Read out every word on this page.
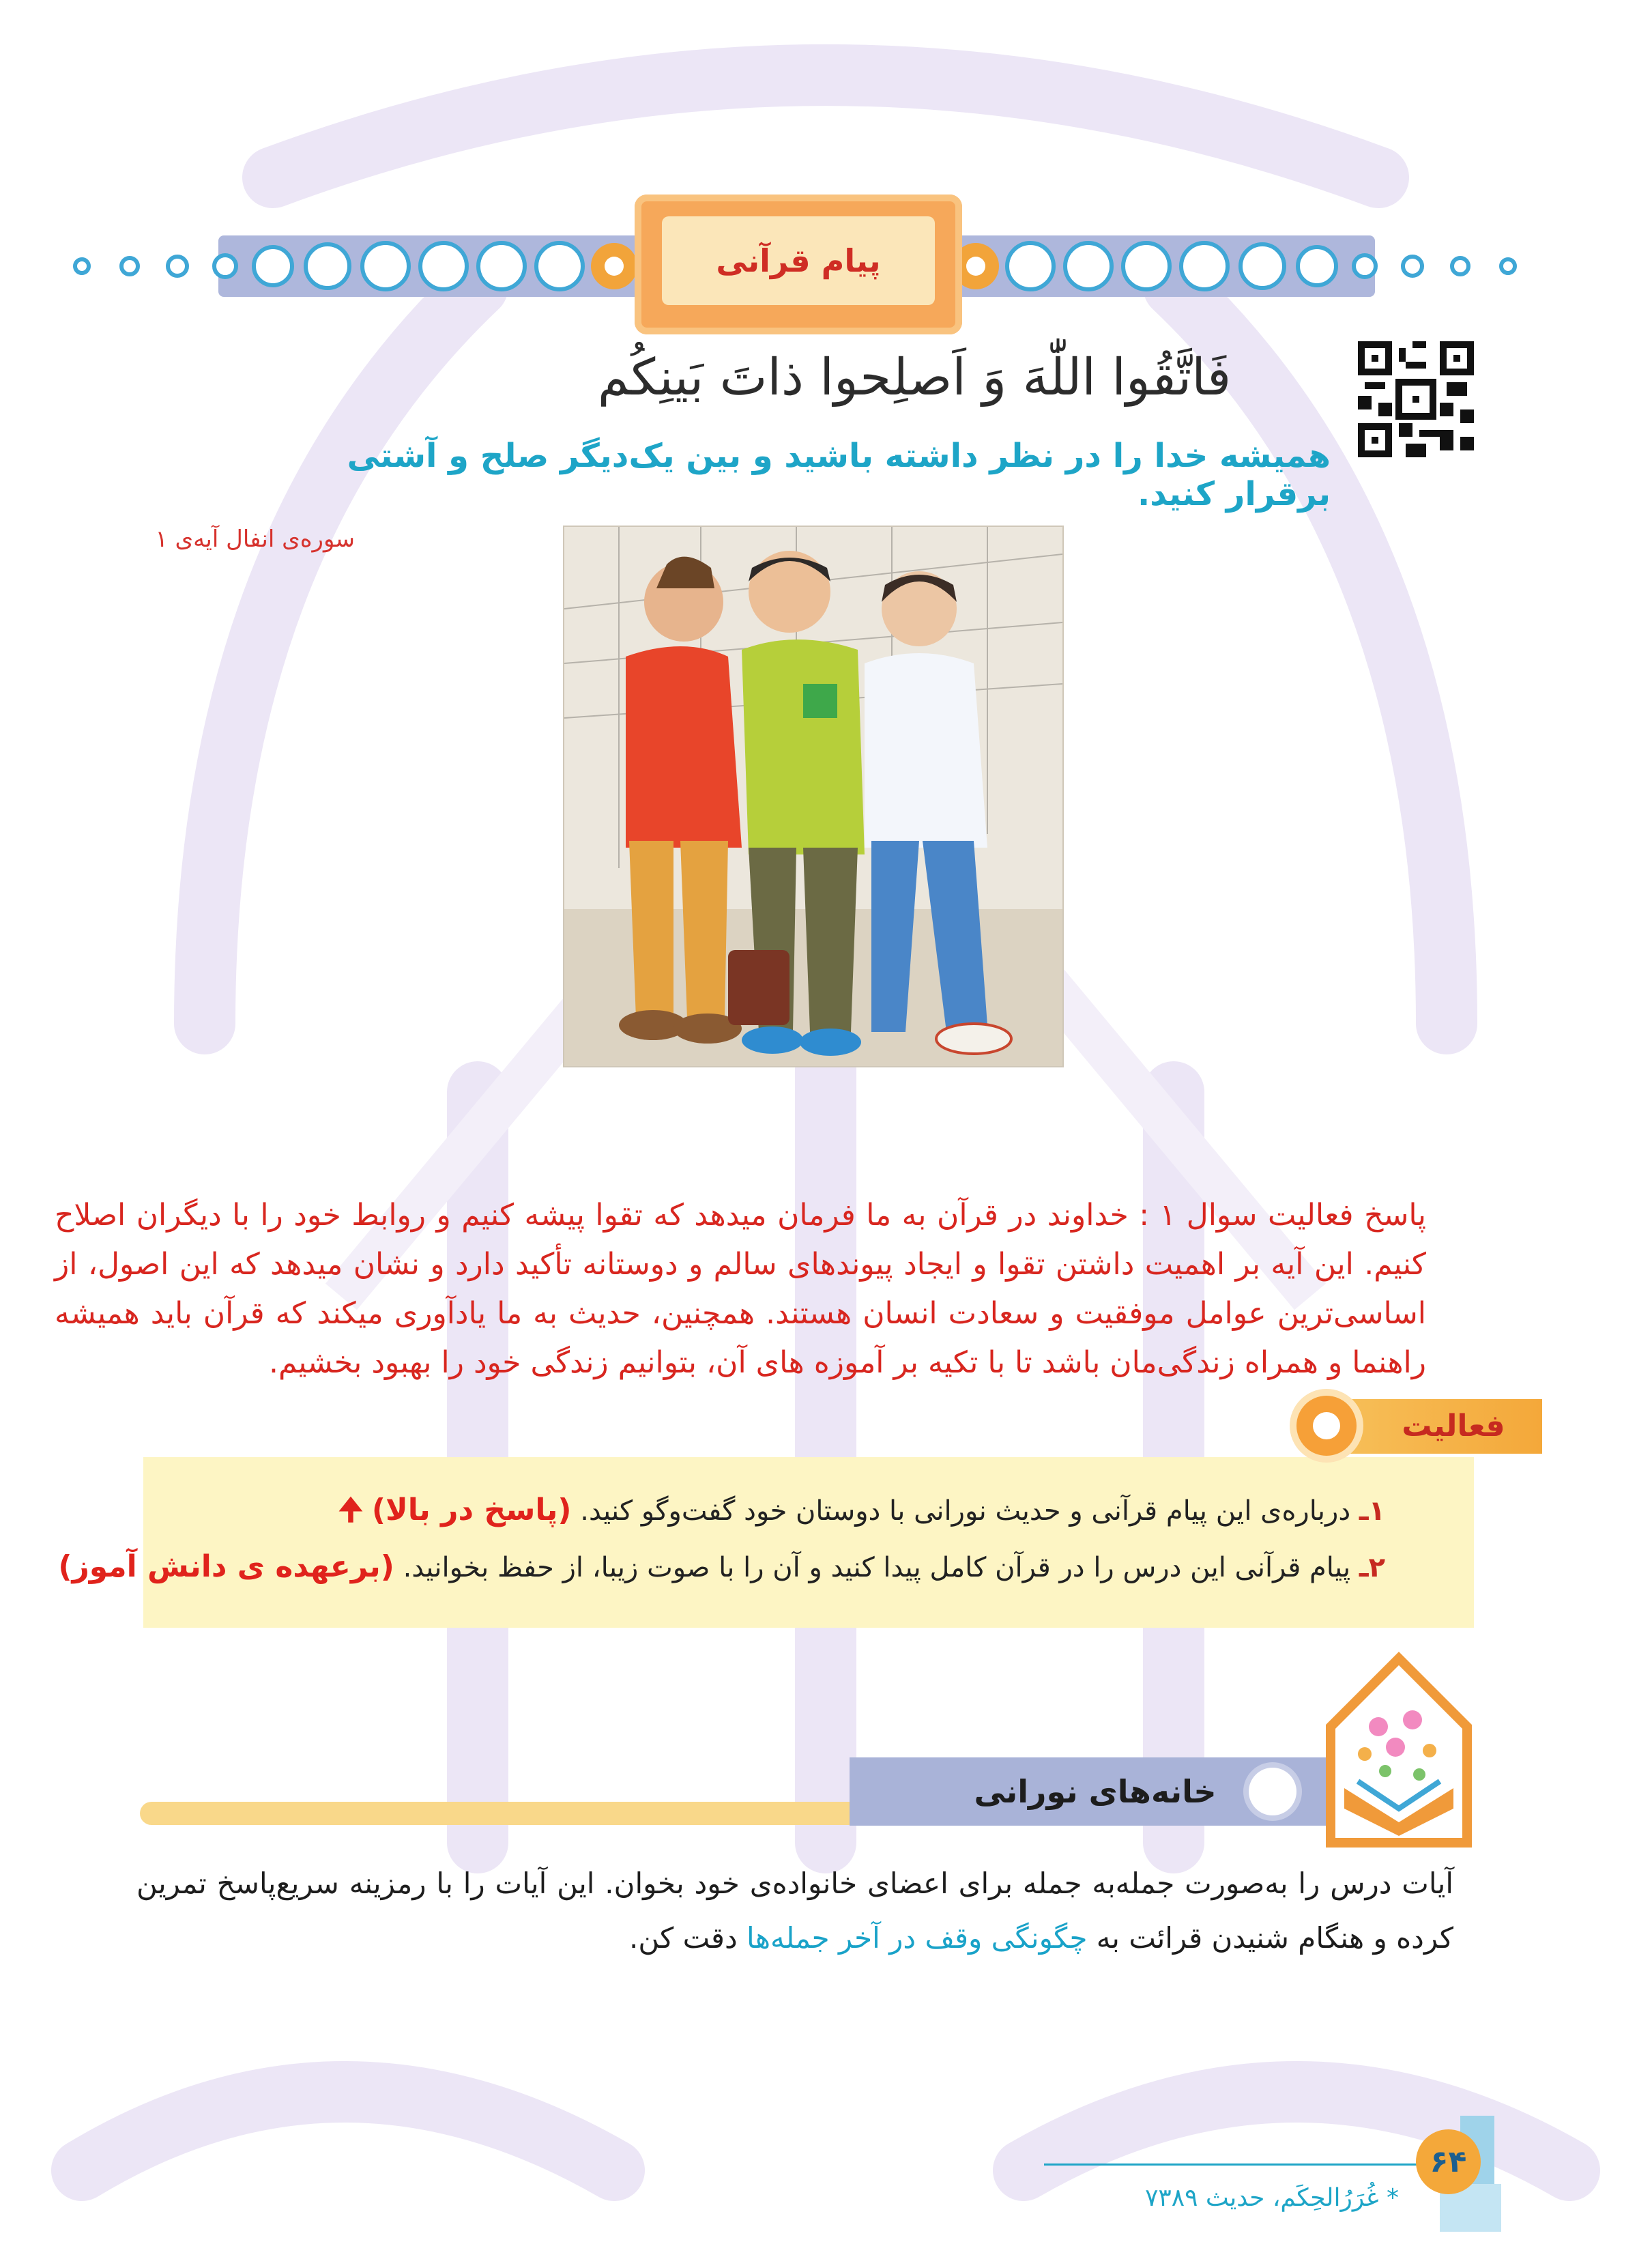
پیام قرآنی
فَاتَّقُوا اللّٰهَ وَ اَصلِحوا ذاتَ بَینِکُم
همیشه خدا را در نظر داشته باشید و بین یک‌دیگر صلح و آشتی برقرار کنید.
سوره‌ی انفال آیه‌ی ۱
پاسخ فعالیت سوال ۱ : خداوند در قرآن به ما فرمان میدهد که تقوا پیشه کنیم و روابط خود را با دیگران اصلاح کنیم. این آیه بر اهمیت داشتن تقوا و ایجاد پیوندهای سالم و دوستانه تأکید دارد و نشان میدهد که این اصول، از اساسی‌ترین عوامل موفقیت و سعادت انسان هستند. همچنین، حدیث به ما یادآوری میکند که قرآن باید همیشه راهنما و همراه زندگی‌مان باشد تا با تکیه بر آموزه های آن، بتوانیم زندگی خود را بهبود بخشیم.
۱ـ درباره‌ی این پیام قرآنی و حدیث نورانی با دوستان خود گفت‌وگو کنید. (پاسخ در بالا) 🠉
۲ـ پیام قرآنی این درس را در قرآن کامل پیدا کنید و آن را با صوت زیبا، از حفظ بخوانید. (برعهده ی دانش آموز)
فعالیت
خانه‌های نورانی
آیات درس را به‌صورت جمله‌به جمله برای اعضای خانواده‌ی خود بخوان. این آیات را با رمزینه سریع‌پاسخ تمرین کرده و هنگام شنیدن قرائت به چگونگی وقف در آخر جمله‌ها دقت کن.
* غُرَرُالحِکَم، حدیث ۷۳۸۹
۶۴
